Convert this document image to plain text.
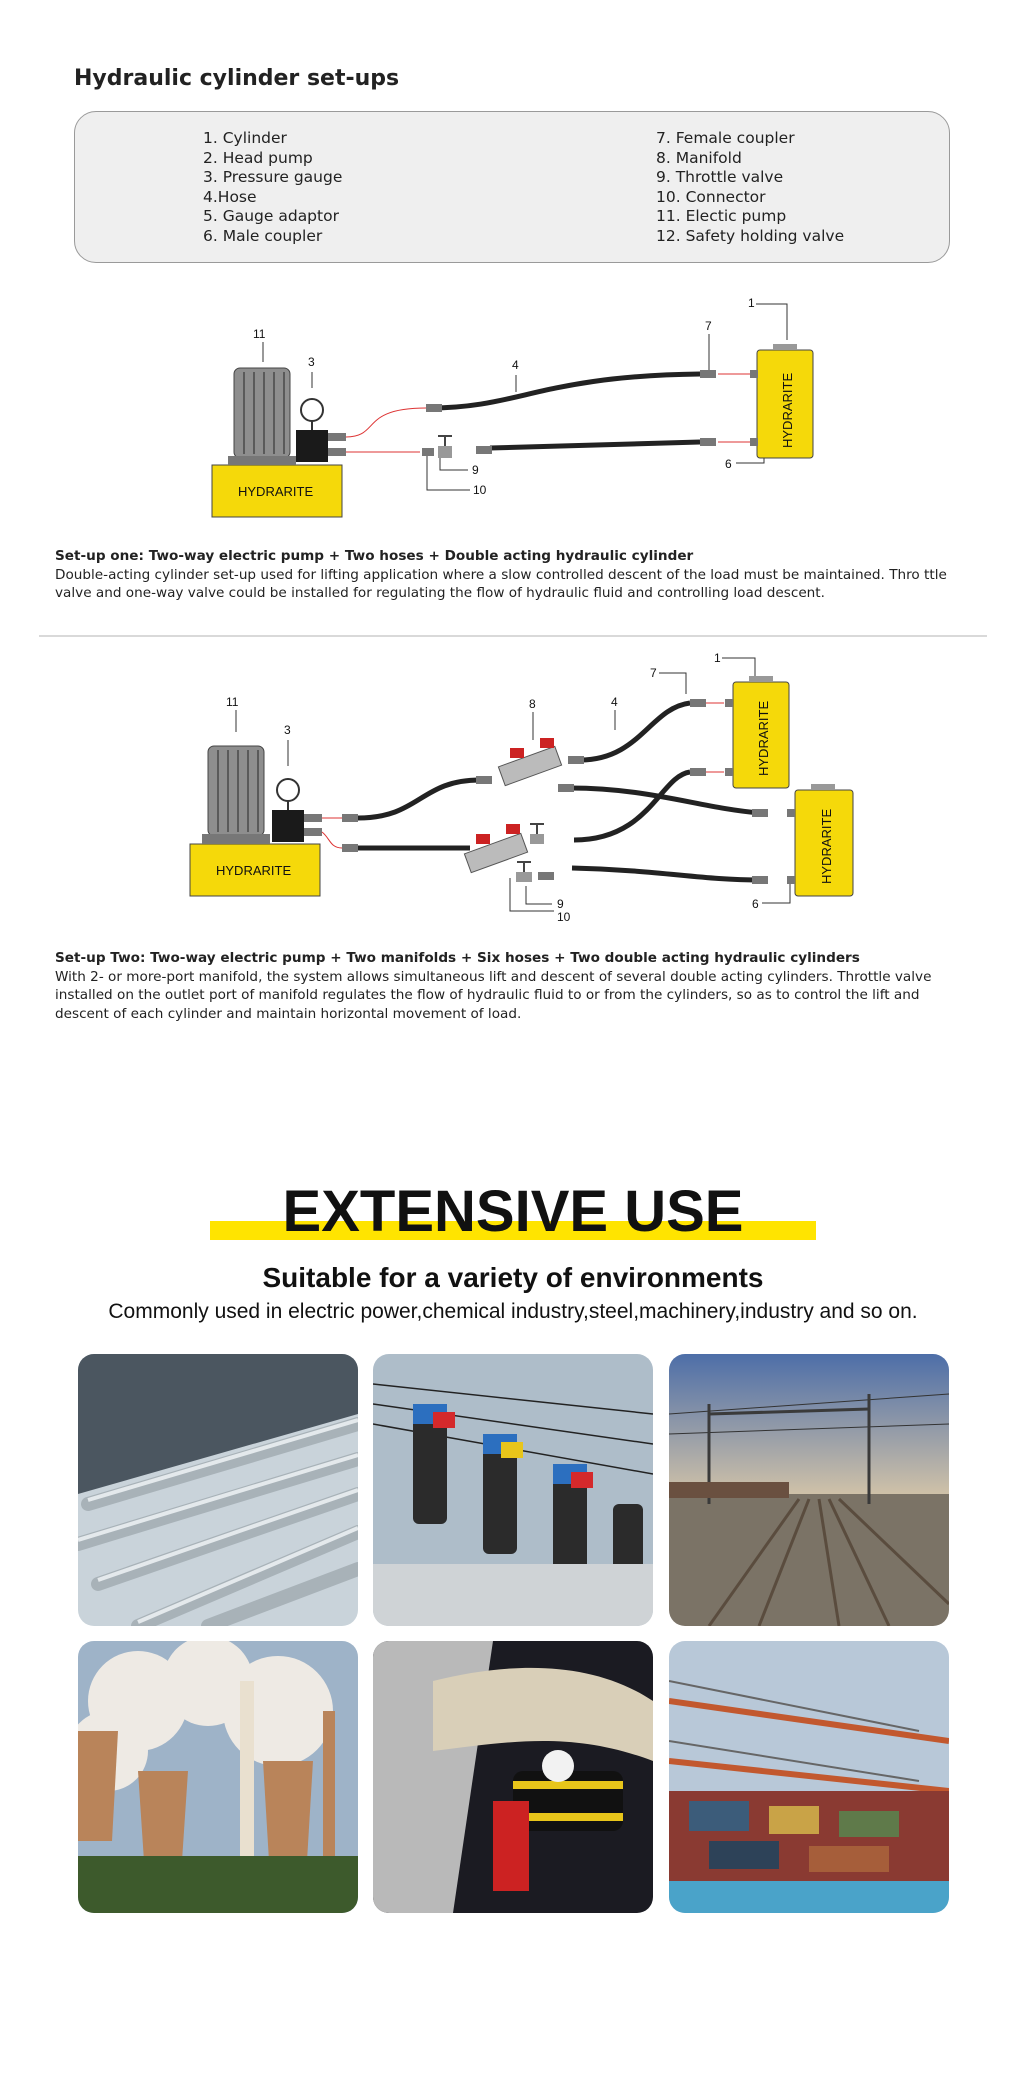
Hydraulic cylinder set-ups
1. Cylinder
2. Head pump
3. Pressure gauge
4.Hose
5. Gauge adaptor
6. Male coupler
7. Female coupler
8. Manifold
9. Throttle valve
10. Connector
11. Electic pump
12. Safety holding valve
11
3	4
1
7
6
9
10
HYDRARITE
HYDRARITE
Set-up one: Two-way electric pump + Two hoses + Double acting hydraulic cylinder
Double-acting cylinder set-up used for lifting application where a slow controlled descent of the load must be maintained. Thro ttle valve and one-way valve could be installed for regulating the flow of hydraulic fluid and controlling load descent.
11
3
8	4
7
1
6
9
10
HYDRARITE
HYDRARITE
HYDRARITE
Set-up Two: Two-way electric pump + Two manifolds + Six hoses + Two double acting hydraulic cylinders
With 2- or more-port manifold, the system allows simultaneous lift and descent of several double acting cylinders. Throttle valve installed on the outlet port of manifold regulates the flow of hydraulic fluid to or from the cylinders, so as to control the lift and descent of each cylinder and maintain horizontal movement of load.
EXTENSIVE USE
Suitable for a variety of environments
Commonly used in electric power,chemical industry,steel,machinery,industry and so on.
